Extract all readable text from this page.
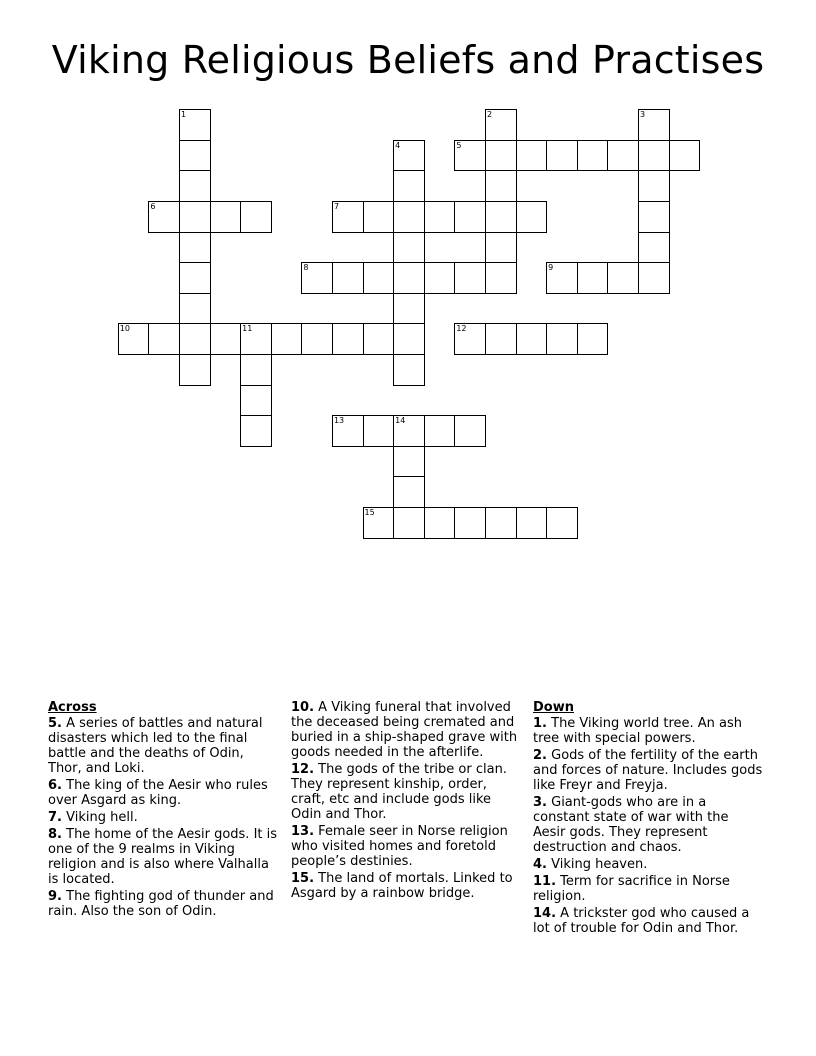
Viking Religious Beliefs and Practises
1	2	3
4
11
14
5
6	7
8	9
10	12
13
15
Across
5. A series of battles and natural disasters which led to the final battle and the deaths of Odin, Thor, and Loki.
6. The king of the Aesir who rules over Asgard as king.
7. Viking hell.
8. The home of the Aesir gods. It is one of the 9 realms in Viking religion and is also where Valhalla is located.
9. The fighting god of thunder and rain. Also the son of Odin.
10. A Viking funeral that involved the deceased being cremated and buried in a ship-shaped grave with goods needed in the afterlife.
12. The gods of the tribe or clan. They represent kinship, order, craft, etc and include gods like Odin and Thor.
13. Female seer in Norse religion who visited homes and foretold people’s destinies.
15. The land of mortals. Linked to Asgard by a rainbow bridge.
Down
1. The Viking world tree. An ash tree with special powers.
2. Gods of the fertility of the earth and forces of nature. Includes gods like Freyr and Freyja.
3. Giant-gods who are in a constant state of war with the Aesir gods. They represent destruction and chaos.
4. Viking heaven.
11. Term for sacrifice in Norse religion.
14. A trickster god who caused a lot of trouble for Odin and Thor.
